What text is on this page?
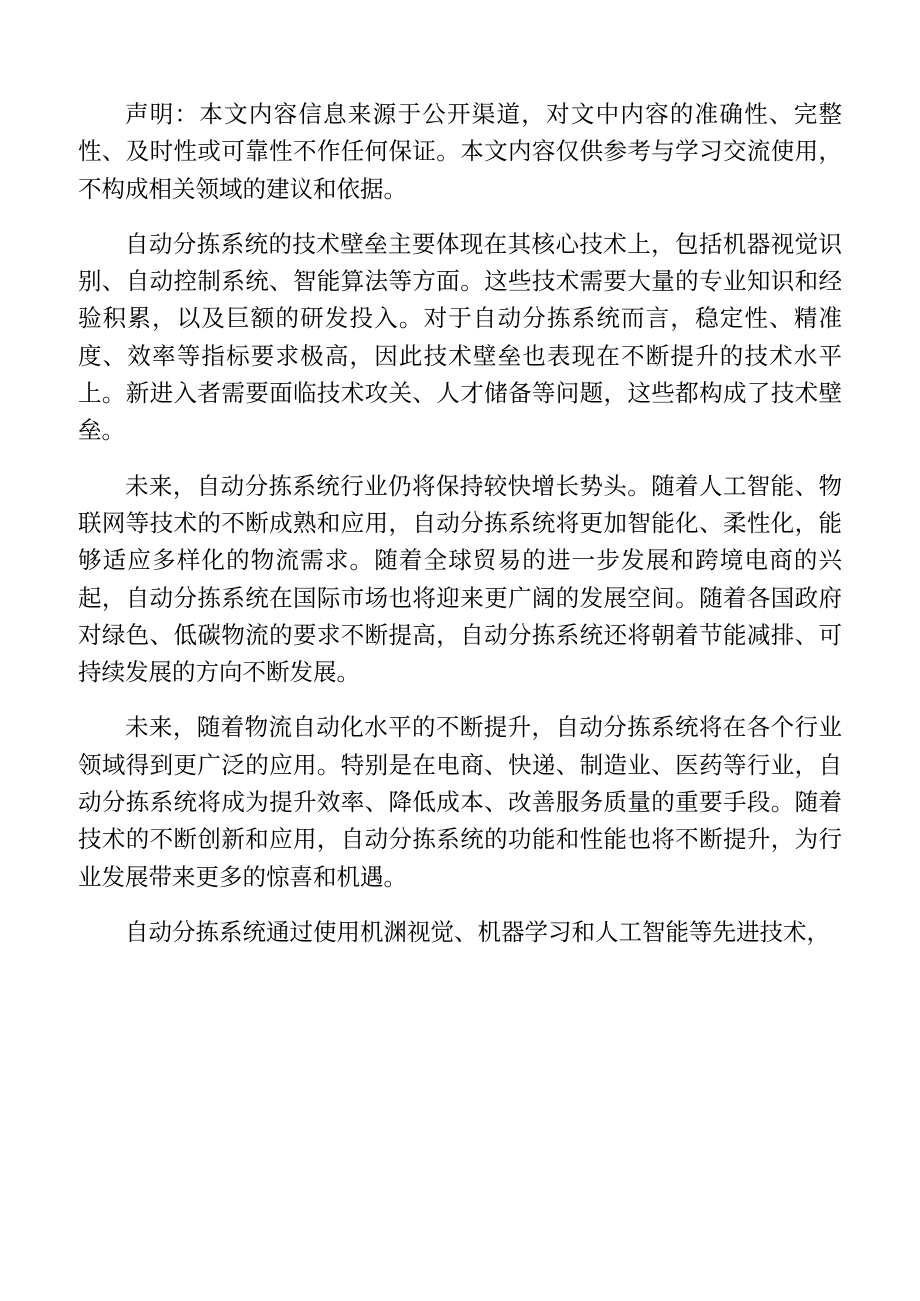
声明：本文内容信息来源于公开渠道，对文中内容的准确性、完整性、及时性或可靠性不作任何保证。本文内容仅供参考与学习交流使用，不构成相关领域的建议和依据。

自动分拣系统的技术壁垒主要体现在其核心技术上，包括机器视觉识别、自动控制系统、智能算法等方面。这些技术需要大量的专业知识和经验积累，以及巨额的研发投入。对于自动分拣系统而言，稳定性、精准度、效率等指标要求极高，因此技术壁垒也表现在不断提升的技术水平上。新进入者需要面临技术攻关、人才储备等问题，这些都构成了技术壁垒。

未来，自动分拣系统行业仍将保持较快增长势头。随着人工智能、物联网等技术的不断成熟和应用，自动分拣系统将更加智能化、柔性化，能够适应多样化的物流需求。随着全球贸易的进一步发展和跨境电商的兴起，自动分拣系统在国际市场也将迎来更广阔的发展空间。随着各国政府对绿色、低碳物流的要求不断提高，自动分拣系统还将朝着节能减排、可持续发展的方向不断发展。

未来，随着物流自动化水平的不断提升，自动分拣系统将在各个行业领域得到更广泛的应用。特别是在电商、快递、制造业、医药等行业，自动分拣系统将成为提升效率、降低成本、改善服务质量的重要手段。随着技术的不断创新和应用，自动分拣系统的功能和性能也将不断提升，为行业发展带来更多的惊喜和机遇。

自动分拣系统通过使用机渊视觉、机器学习和人工智能等先进技术，
